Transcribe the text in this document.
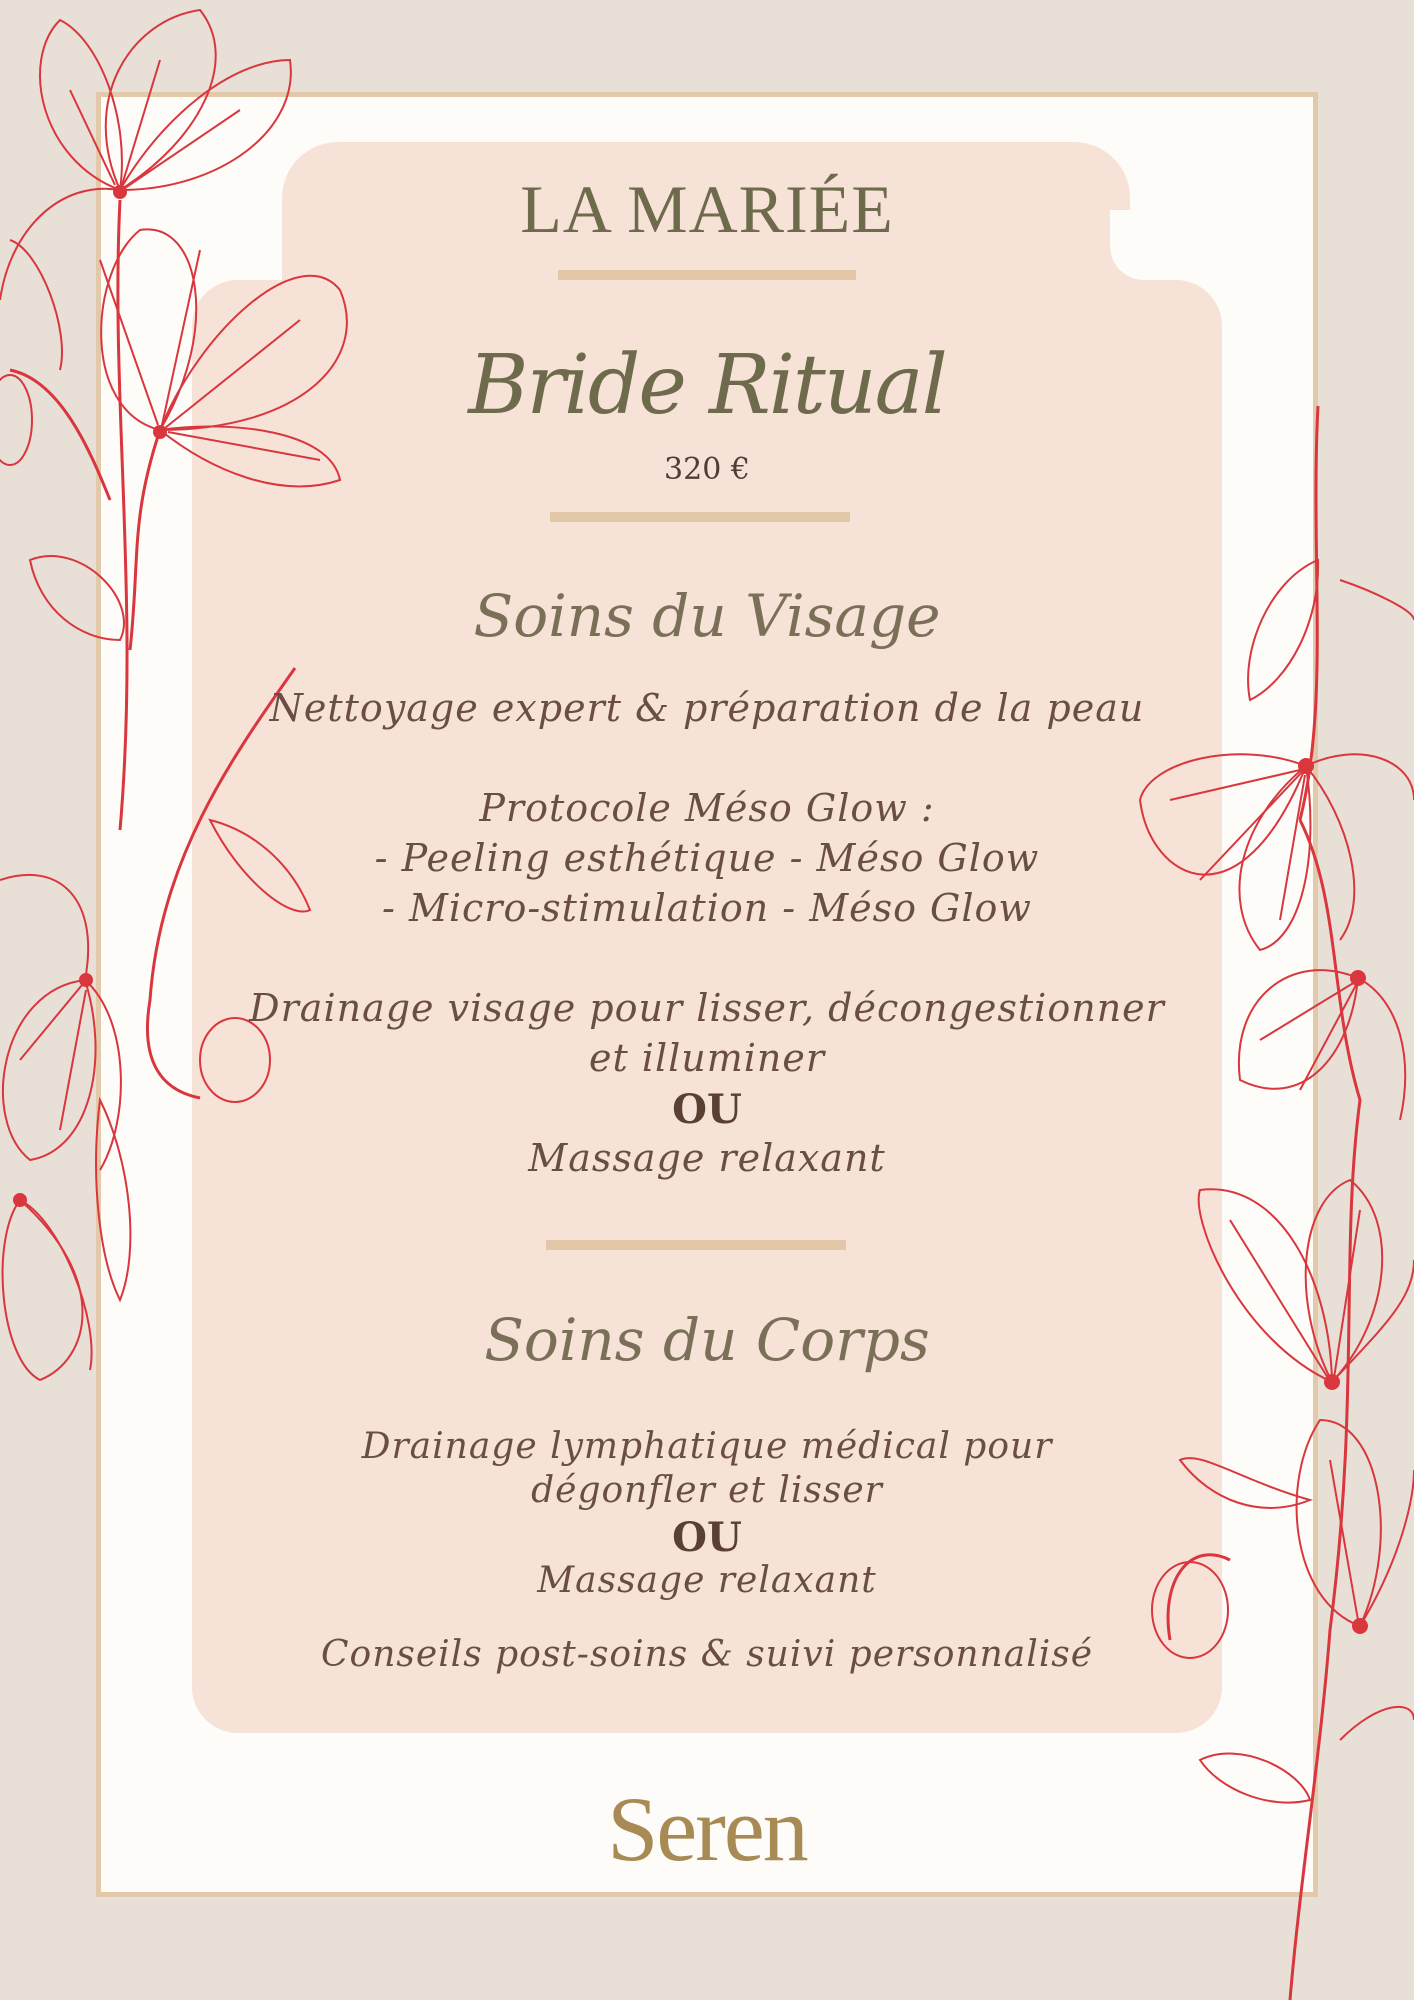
LA MARIÉE
Bride Ritual
320 €
Soins du Visage
Nettoyage expert & préparation de la peau
Protocole Méso Glow :
- Peeling esthétique - Méso Glow
- Micro-stimulation - Méso Glow
Drainage visage pour lisser, décongestionner
et illuminer
OU
Massage relaxant
Soins du Corps
Drainage lymphatique médical pour
dégonfler et lisser
OU
Massage relaxant
Conseils post-soins & suivi personnalisé
Seren
